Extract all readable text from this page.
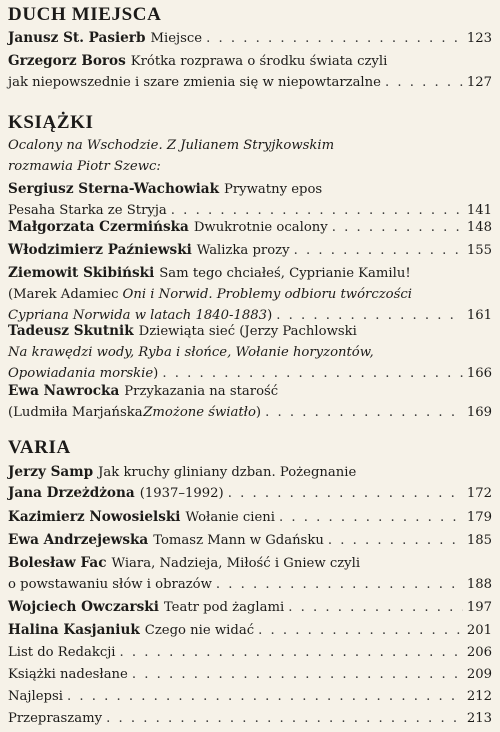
DUCH MIEJSCA
Janusz St. Pasierb Miejsce . . .	123
Grzegorz Boros Krótka rozprawa o środku świata czyli
jak niepowszednie i szare zmienia się w niepowtarzalne . . .	127
KSIĄŻKI
Ocalony na Wschodzie. Z Julianem Stryjkowskim
rozmawia Piotr Szewc:
Sergiusz Sterna-Wachowiak Prywatny epos
Pesaha Starka ze Stryja . . .	141
Małgorzata Czermińska Dwukrotnie ocalony . . .	148
Włodzimierz Paźniewski Walizka prozy . . .	155
Ziemowit Skibiński Sam tego chciałeś, Cyprianie Kamilu!
(Marek Adamiec Oni i Norwid. Problemy odbioru twórczości
Cypriana Norwida w latach 1840-1883 ) . . .	161
Tadeusz Skutnik Dziewiąta sieć (Jerzy Pachlowski
Na krawędzi wody, Ryba i słońce, Wołanie horyzontów,
Opowiadania morskie ) . . .	166
Ewa Nawrocka Przykazania na starość
(Ludmiła Marjańska Zmożone światło ) . . .	169
VARIA
Jerzy Samp Jak kruchy gliniany dzban. Pożegnanie
Jana Drzeżdżona (1937–1992) . . .	172
Kazimierz Nowosielski Wołanie cieni . . .	179
Ewa Andrzejewska Tomasz Mann w Gdańsku . . .	185
Bolesław Fac Wiara, Nadzieja, Miłość i Gniew czyli
o powstawaniu słów i obrazów . . .	188
Wojciech Owczarski Teatr pod żaglami . . .	197
Halina Kasjaniuk Czego nie widać . . .	201
List do Redakcji . . .	206
Książki nadesłane . . .	209
Najlepsi . . .	212
Przepraszamy . . .	213
